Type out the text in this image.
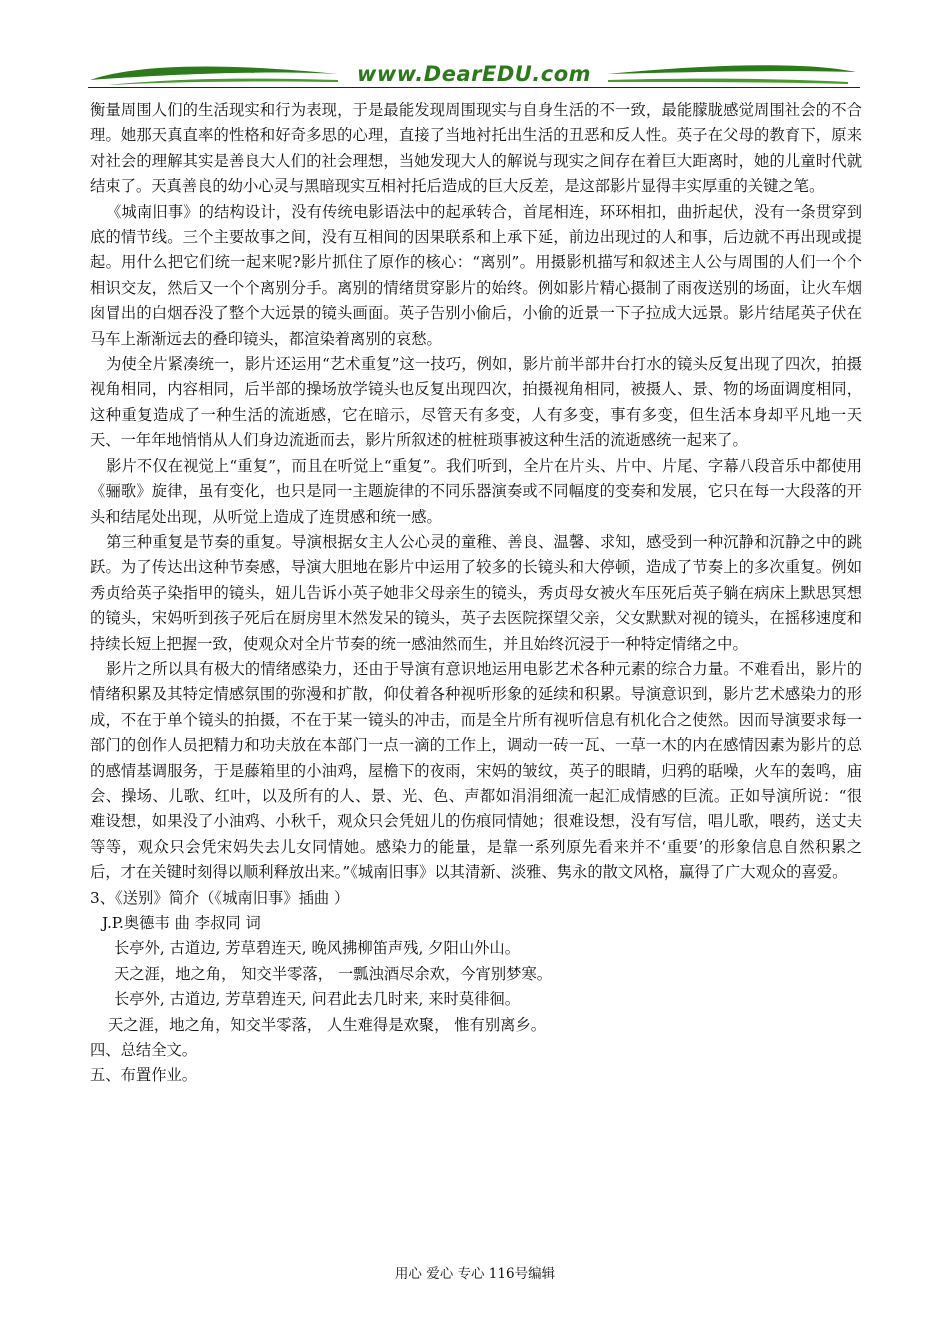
www.DearEDU.com

衡量周围人们的生活现实和行为表现，于是最能发现周围现实与自身生活的不一致，最能朦胧感觉周围社会的不合理。她那天真直率的性格和好奇多思的心理，直接了当地衬托出生活的丑恶和反人性。英子在父母的教育下，原来对社会的理解其实是善良大人们的社会理想，当她发现大人的解说与现实之间存在着巨大距离时，她的儿童时代就结束了。天真善良的幼小心灵与黑暗现实互相衬托后造成的巨大反差，是这部影片显得丰实厚重的关键之笔。

《城南旧事》的结构设计，没有传统电影语法中的起承转合，首尾相连，环环相扣，曲折起伏，没有一条贯穿到底的情节线。三个主要故事之间，没有互相间的因果联系和上承下延，前边出现过的人和事，后边就不再出现或提起。用什么把它们统一起来呢?影片抓住了原作的核心：“离别”。用摄影机描写和叙述主人公与周围的人们一个个相识交友，然后又一个个离别分手。离别的情绪贯穿影片的始终。例如影片精心摄制了雨夜送别的场面，让火车烟囱冒出的白烟吞没了整个大远景的镜头画面。英子告别小偷后，小偷的近景一下子拉成大远景。影片结尾英子伏在马车上渐渐远去的叠印镜头，都渲染着离别的哀愁。

为使全片紧凑统一，影片还运用“艺术重复”这一技巧，例如，影片前半部井台打水的镜头反复出现了四次，拍摄视角相同，内容相同，后半部的操场放学镜头也反复出现四次，拍摄视角相同，被摄人、景、物的场面调度相同，这种重复造成了一种生活的流逝感，它在暗示，尽管天有多变，人有多变，事有多变，但生活本身却平凡地一天天、一年年地悄悄从人们身边流逝而去，影片所叙述的桩桩琐事被这种生活的流逝感统一起来了。

影片不仅在视觉上“重复”，而且在听觉上“重复”。我们听到，全片在片头、片中、片尾、字幕八段音乐中都使用《骊歌》旋律，虽有变化，也只是同一主题旋律的不同乐器演奏或不同幅度的变奏和发展，它只在每一大段落的开头和结尾处出现，从听觉上造成了连贯感和统一感。

第三种重复是节奏的重复。导演根据女主人公心灵的童稚、善良、温馨、求知，感受到一种沉静和沉静之中的跳跃。为了传达出这种节奏感，导演大胆地在影片中运用了较多的长镜头和大停顿，造成了节奏上的多次重复。例如秀贞给英子染指甲的镜头，妞儿告诉小英子她非父母亲生的镜头，秀贞母女被火车压死后英子躺在病床上默思冥想的镜头，宋妈听到孩子死后在厨房里木然发呆的镜头，英子去医院探望父亲，父女默默对视的镜头，在摇移速度和持续长短上把握一致，使观众对全片节奏的统一感油然而生，并且始终沉浸于一种特定情绪之中。

影片之所以具有极大的情绪感染力，还由于导演有意识地运用电影艺术各种元素的综合力量。不难看出，影片的情绪积累及其特定情感氛围的弥漫和扩散，仰仗着各种视听形象的延续和积累。导演意识到，影片艺术感染力的形成，不在于单个镜头的拍摄，不在于某一镜头的冲击，而是全片所有视听信息有机化合之使然。因而导演要求每一部门的创作人员把精力和功夫放在本部门一点一滴的工作上，调动一砖一瓦、一草一木的内在感情因素为影片的总的感情基调服务，于是藤箱里的小油鸡，屋檐下的夜雨，宋妈的皱纹，英子的眼睛，归鸦的聒噪，火车的轰鸣，庙会、操场、儿歌、红叶，以及所有的人、景、光、色、声都如涓涓细流一起汇成情感的巨流。正如导演所说：“很难设想，如果没了小油鸡、小秋千，观众只会凭妞儿的伤痕同情她；很难设想，没有写信，唱儿歌，喂药，送丈夫等等，观众只会凭宋妈失去儿女同情她。感染力的能量，是靠一系列原先看来并不‘重要’的形象信息自然积累之后，才在关键时刻得以顺利释放出来。”《城南旧事》以其清新、淡雅、隽永的散文风格，赢得了广大观众的喜爱。

3、《送别》简介（《城南旧事》插曲 ）
J.P.奥德韦 曲 李叔同 词
长亭外, 古道边, 芳草碧连天, 晚风拂柳笛声残, 夕阳山外山。
天之涯，地之角， 知交半零落， 一瓢浊酒尽余欢，今宵别梦寒。
长亭外, 古道边, 芳草碧连天, 问君此去几时来, 来时莫徘徊。
天之涯，地之角，知交半零落， 人生难得是欢聚， 惟有别离乡。
四、总结全文。
五、布置作业。
用心 爱心 专心 116号编辑
